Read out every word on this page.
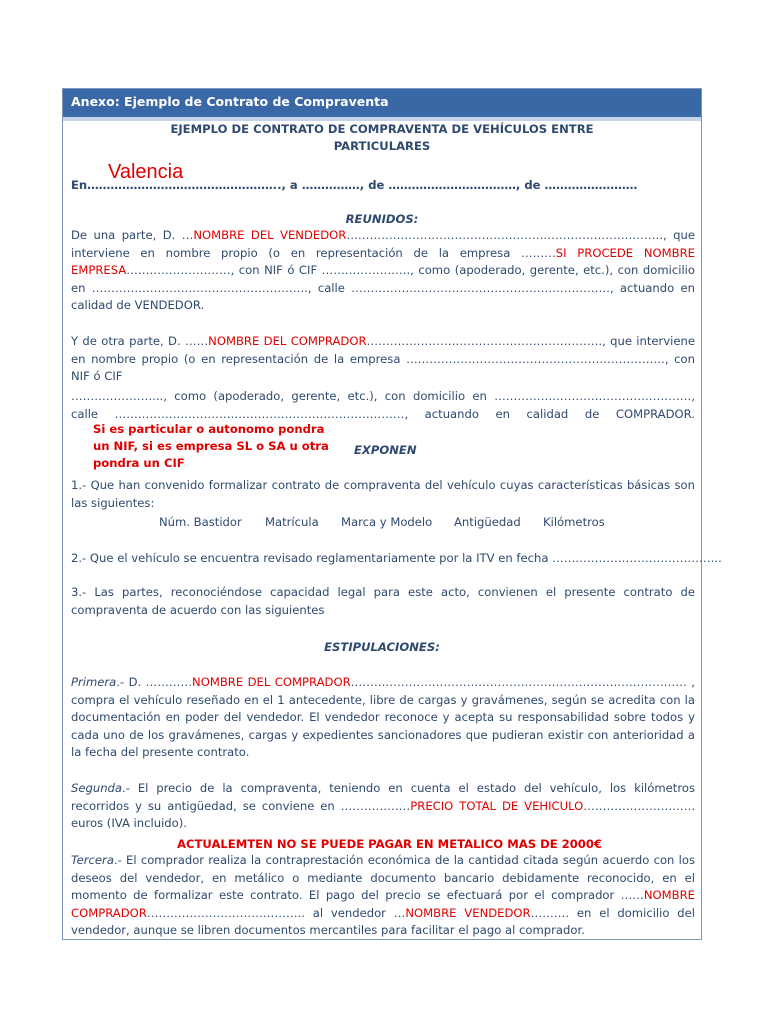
Anexo: Ejemplo de Contrato de Compraventa
EJEMPLO DE CONTRATO DE COMPRAVENTA DE VEHÍCULOS ENTRE
PARTICULARES
Valencia
En………………………………………….., a ……………, de ……………………………, de ……………………
REUNIDOS:
De una parte, D. …NOMBRE DEL VENDEDOR………………………………………………………………………., que interviene en nombre propio (o en representación de la empresa ………SI PROCEDE NOMBRE EMPRESA………………………, con NIF ó CIF ………………….., como (apoderado, gerente, etc.), con domicilio en ……………………………………………….., calle …………………………………………………………., actuando en calidad de VENDEDOR.
Y de otra parte, D. ……NOMBRE DEL COMPRADOR……………………………………………………., que interviene en nombre propio (o en representación de la empresa …………………………………………………………., con NIF ó CIF
…………………..., como (apoderado, gerente, etc.), con domicilio en ……………………………………………, calle …………………………………………………………………, actuando en calidad de COMPRADOR.
Si es particular o autonomo pondra
un NIF, si es empresa SL o SA u otra
pondra un CIF
EXPONEN
1.- Que han convenido formalizar contrato de compraventa del vehículo cuyas características básicas son las siguientes:
Núm. Bastidor Matrícula Marca y Modelo Antigüedad Kilómetros
2.- Que el vehículo se encuentra revisado reglamentariamente por la ITV en fecha ……………………………………..
3.- Las partes, reconociéndose capacidad legal para este acto, convienen el presente contrato de compraventa de acuerdo con las siguientes
ESTIPULACIONES:
Primera.- D. …………NOMBRE DEL COMPRADOR…………………………………………………………………………… , compra el vehículo reseñado en el 1 antecedente, libre de cargas y gravámenes, según se acredita con la documentación en poder del vendedor. El vendedor reconoce y acepta su responsabilidad sobre todos y cada uno de los gravámenes, cargas y expedientes sancionadores que pudieran existir con anterioridad a la fecha del presente contrato.
Segunda.- El precio de la compraventa, teniendo en cuenta el estado del vehículo, los kilómetros recorridos y su antigüedad, se conviene en ………………PRECIO TOTAL DE VEHICULO……………………….. euros (IVA incluido).
ACTUALEMTEN NO SE PUEDE PAGAR EN METALICO MAS DE 2000€
Tercera.- El comprador realiza la contraprestación económica de la cantidad citada según acuerdo con los deseos del vendedor, en metálico o mediante documento bancario debidamente reconocido, en el momento de formalizar este contrato. El pago del precio se efectuará por el comprador ……NOMBRE COMPRADOR………………………………….. al vendedor …NOMBRE VENDEDOR………. en el domicilio del vendedor, aunque se libren documentos mercantiles para facilitar el pago al comprador.
